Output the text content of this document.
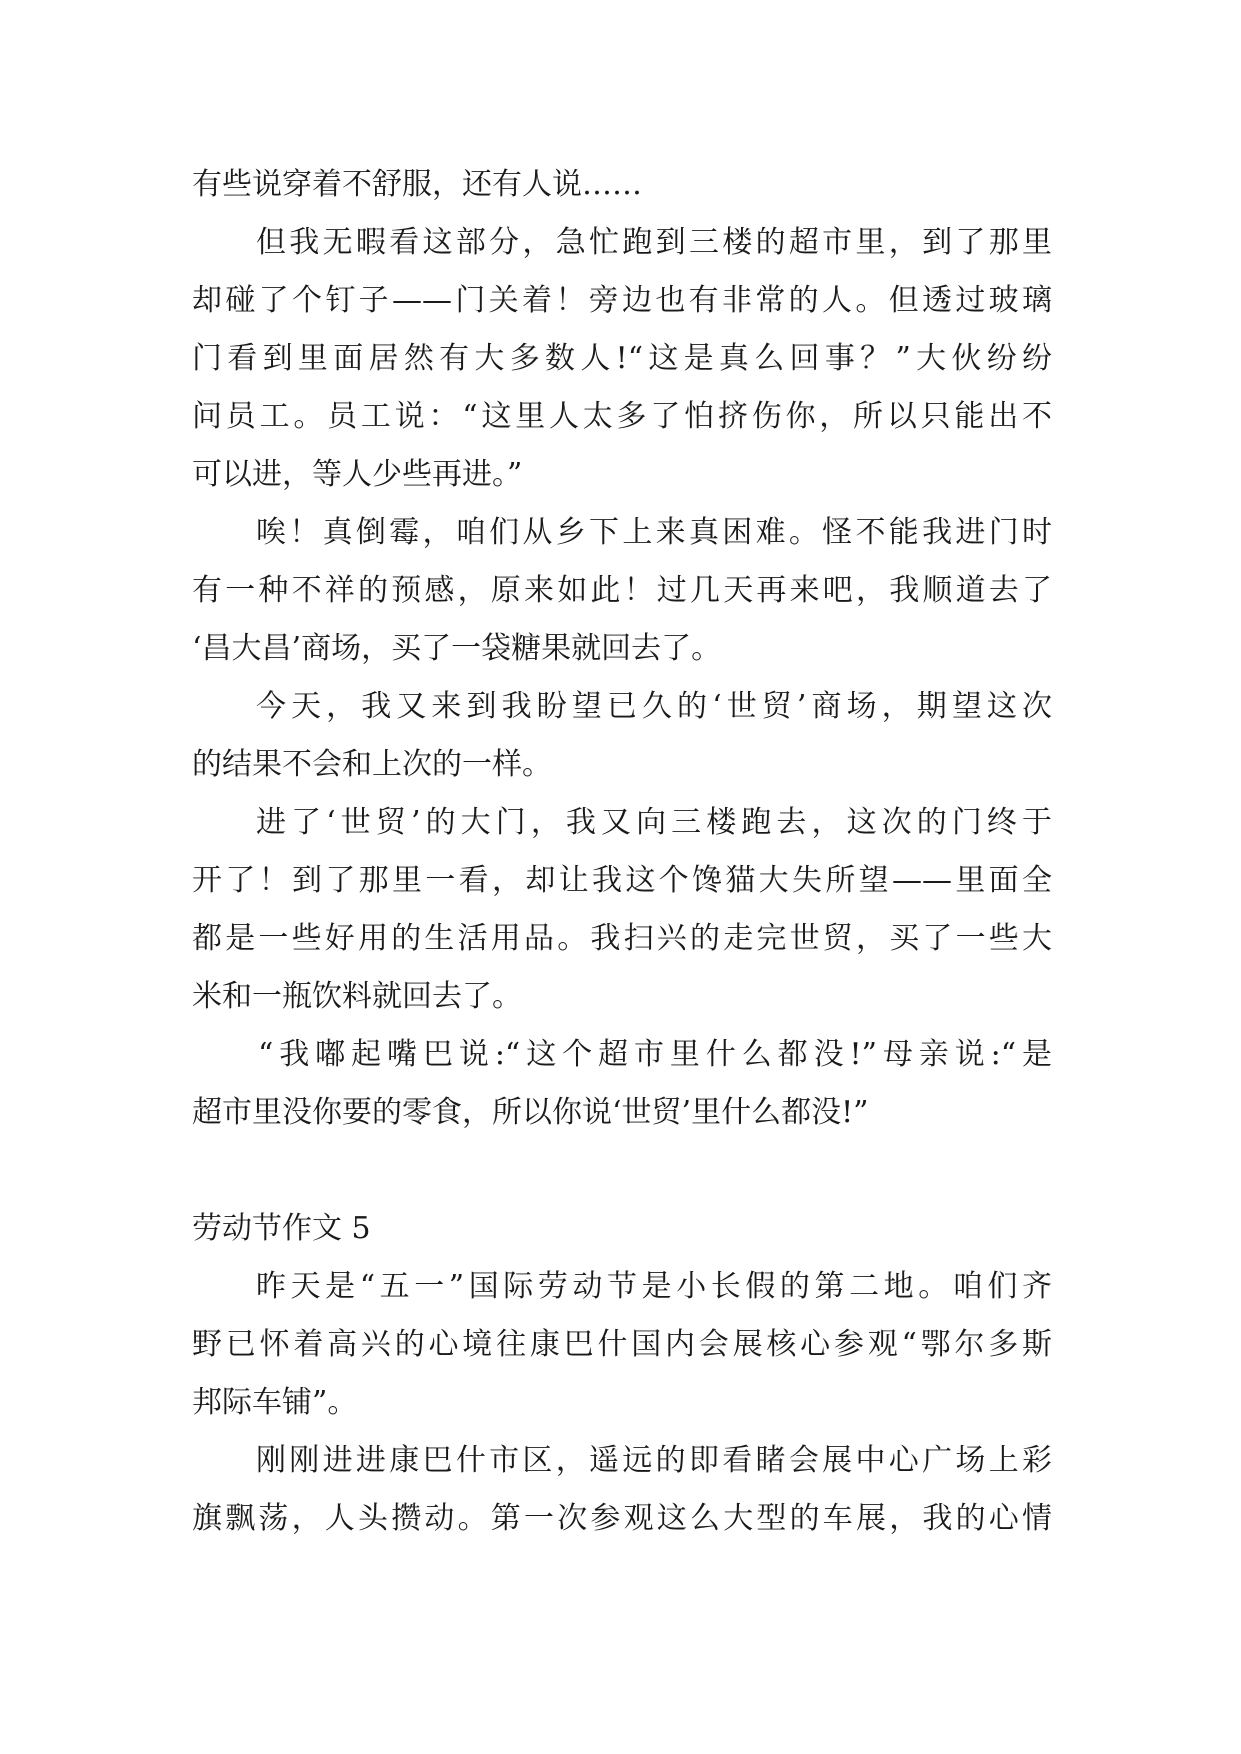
有些说穿着不舒服，还有人说……
但我无暇看这部分，急忙跑到三楼的超市里，到了那里
却碰了个钉子——门关着！旁边也有非常的人。但透过玻璃
门看到里面居然有大多数人!“这是真么回事？”大伙纷纷
问员工。员工说：“这里人太多了怕挤伤你，所以只能出不
可以进，等人少些再进。”
唉！真倒霉，咱们从乡下上来真困难。怪不能我进门时
有一种不祥的预感，原来如此！过几天再来吧，我顺道去了
‘昌大昌’商场，买了一袋糖果就回去了。
今天，我又来到我盼望已久的‘世贸’商场，期望这次
的结果不会和上次的一样。
进了‘世贸’的大门，我又向三楼跑去，这次的门终于
开了！到了那里一看，却让我这个馋猫大失所望——里面全
都是一些好用的生活用品。我扫兴的走完世贸，买了一些大
米和一瓶饮料就回去了。
“我嘟起嘴巴说:“这个超市里什么都没!”母亲说:“是
超市里没你要的零食，所以你说‘世贸’里什么都没!”
劳动节作文 5
昨天是“五一”国际劳动节是小长假的第二地。咱们齐
野已怀着高兴的心境往康巴什国内会展核心参观“鄂尔多斯
邦际车铺”。
刚刚进进康巴什市区，遥远的即看睹会展中心广场上彩
旗飘荡，人头攒动。第一次参观这么大型的车展，我的心情
